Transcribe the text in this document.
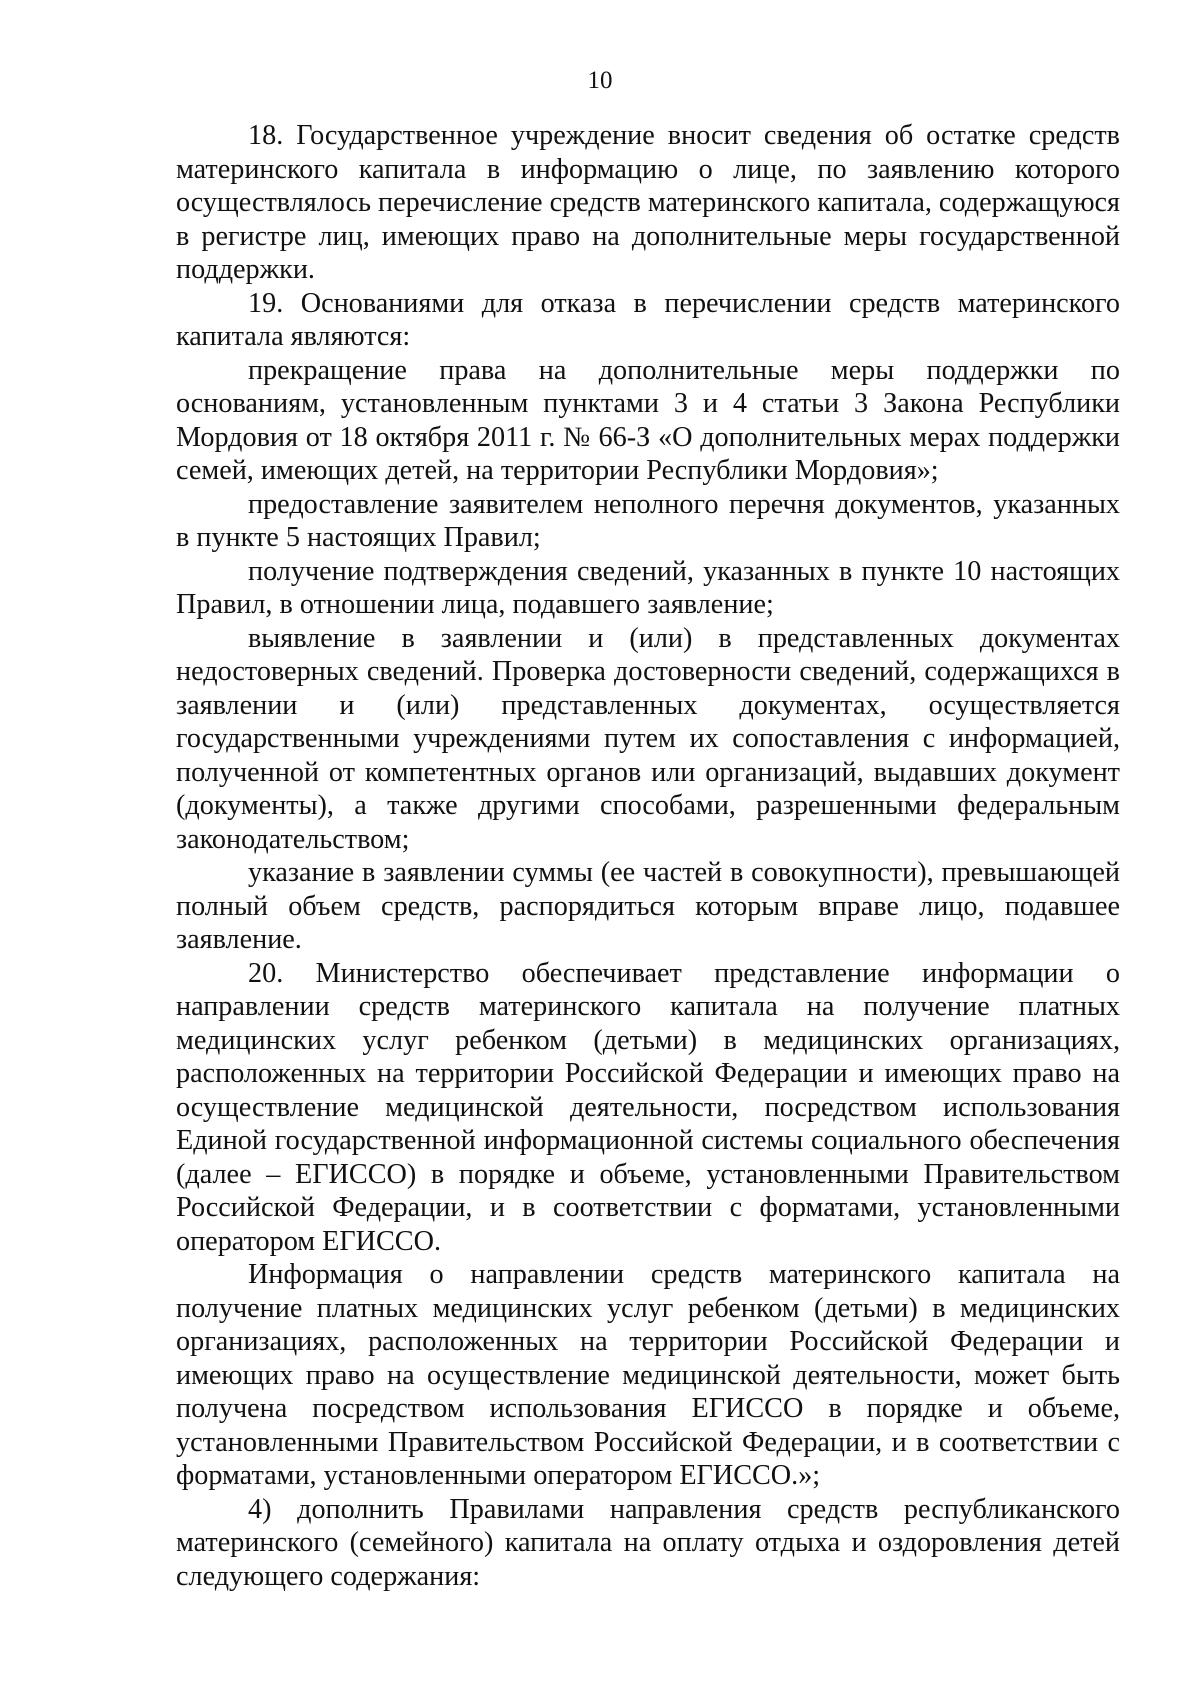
10

18. Государственное учреждение вносит сведения об остатке средств материнского капитала в информацию о лице, по заявлению которого осуществлялось перечисление средств материнского капитала, содержащуюся в регистре лиц, имеющих право на дополнительные меры государственной поддержки.

19. Основаниями для отказа в перечислении средств материнского капитала являются:

прекращение права на дополнительные меры поддержки по основаниям, установленным пунктами 3 и 4 статьи 3 Закона Республики Мордовия от 18 октября 2011 г. № 66-З «О дополнительных мерах поддержки семей, имеющих детей, на территории Республики Мордовия»;

предоставление заявителем неполного перечня документов, указанных в пункте 5 настоящих Правил;

получение подтверждения сведений, указанных в пункте 10 настоящих Правил, в отношении лица, подавшего заявление;

выявление в заявлении и (или) в представленных документах недостоверных сведений. Проверка достоверности сведений, содержащихся в заявлении и (или) представленных документах, осуществляется государственными учреждениями путем их сопоставления с информацией, полученной от компетентных органов или организаций, выдавших документ (документы), а также другими способами, разрешенными федеральным законодательством;

указание в заявлении суммы (ее частей в совокупности), превышающей полный объем средств, распорядиться которым вправе лицо, подавшее заявление.

20. Министерство обеспечивает представление информации о направлении средств материнского капитала на получение платных медицинских услуг ребенком (детьми) в медицинских организациях, расположенных на территории Российской Федерации и имеющих право на осуществление медицинской деятельности, посредством использования Единой государственной информационной системы социального обеспечения (далее – ЕГИССО) в порядке и объеме, установленными Правительством Российской Федерации, и в соответствии с форматами, установленными оператором ЕГИССО.

Информация о направлении средств материнского капитала на получение платных медицинских услуг ребенком (детьми) в медицинских организациях, расположенных на территории Российской Федерации и имеющих право на осуществление медицинской деятельности, может быть получена посредством использования ЕГИССО в порядке и объеме, установленными Правительством Российской Федерации, и в соответствии с форматами, установленными оператором ЕГИССО.»;

4) дополнить Правилами направления средств республиканского материнского (семейного) капитала на оплату отдыха и оздоровления детей следующего содержания:
